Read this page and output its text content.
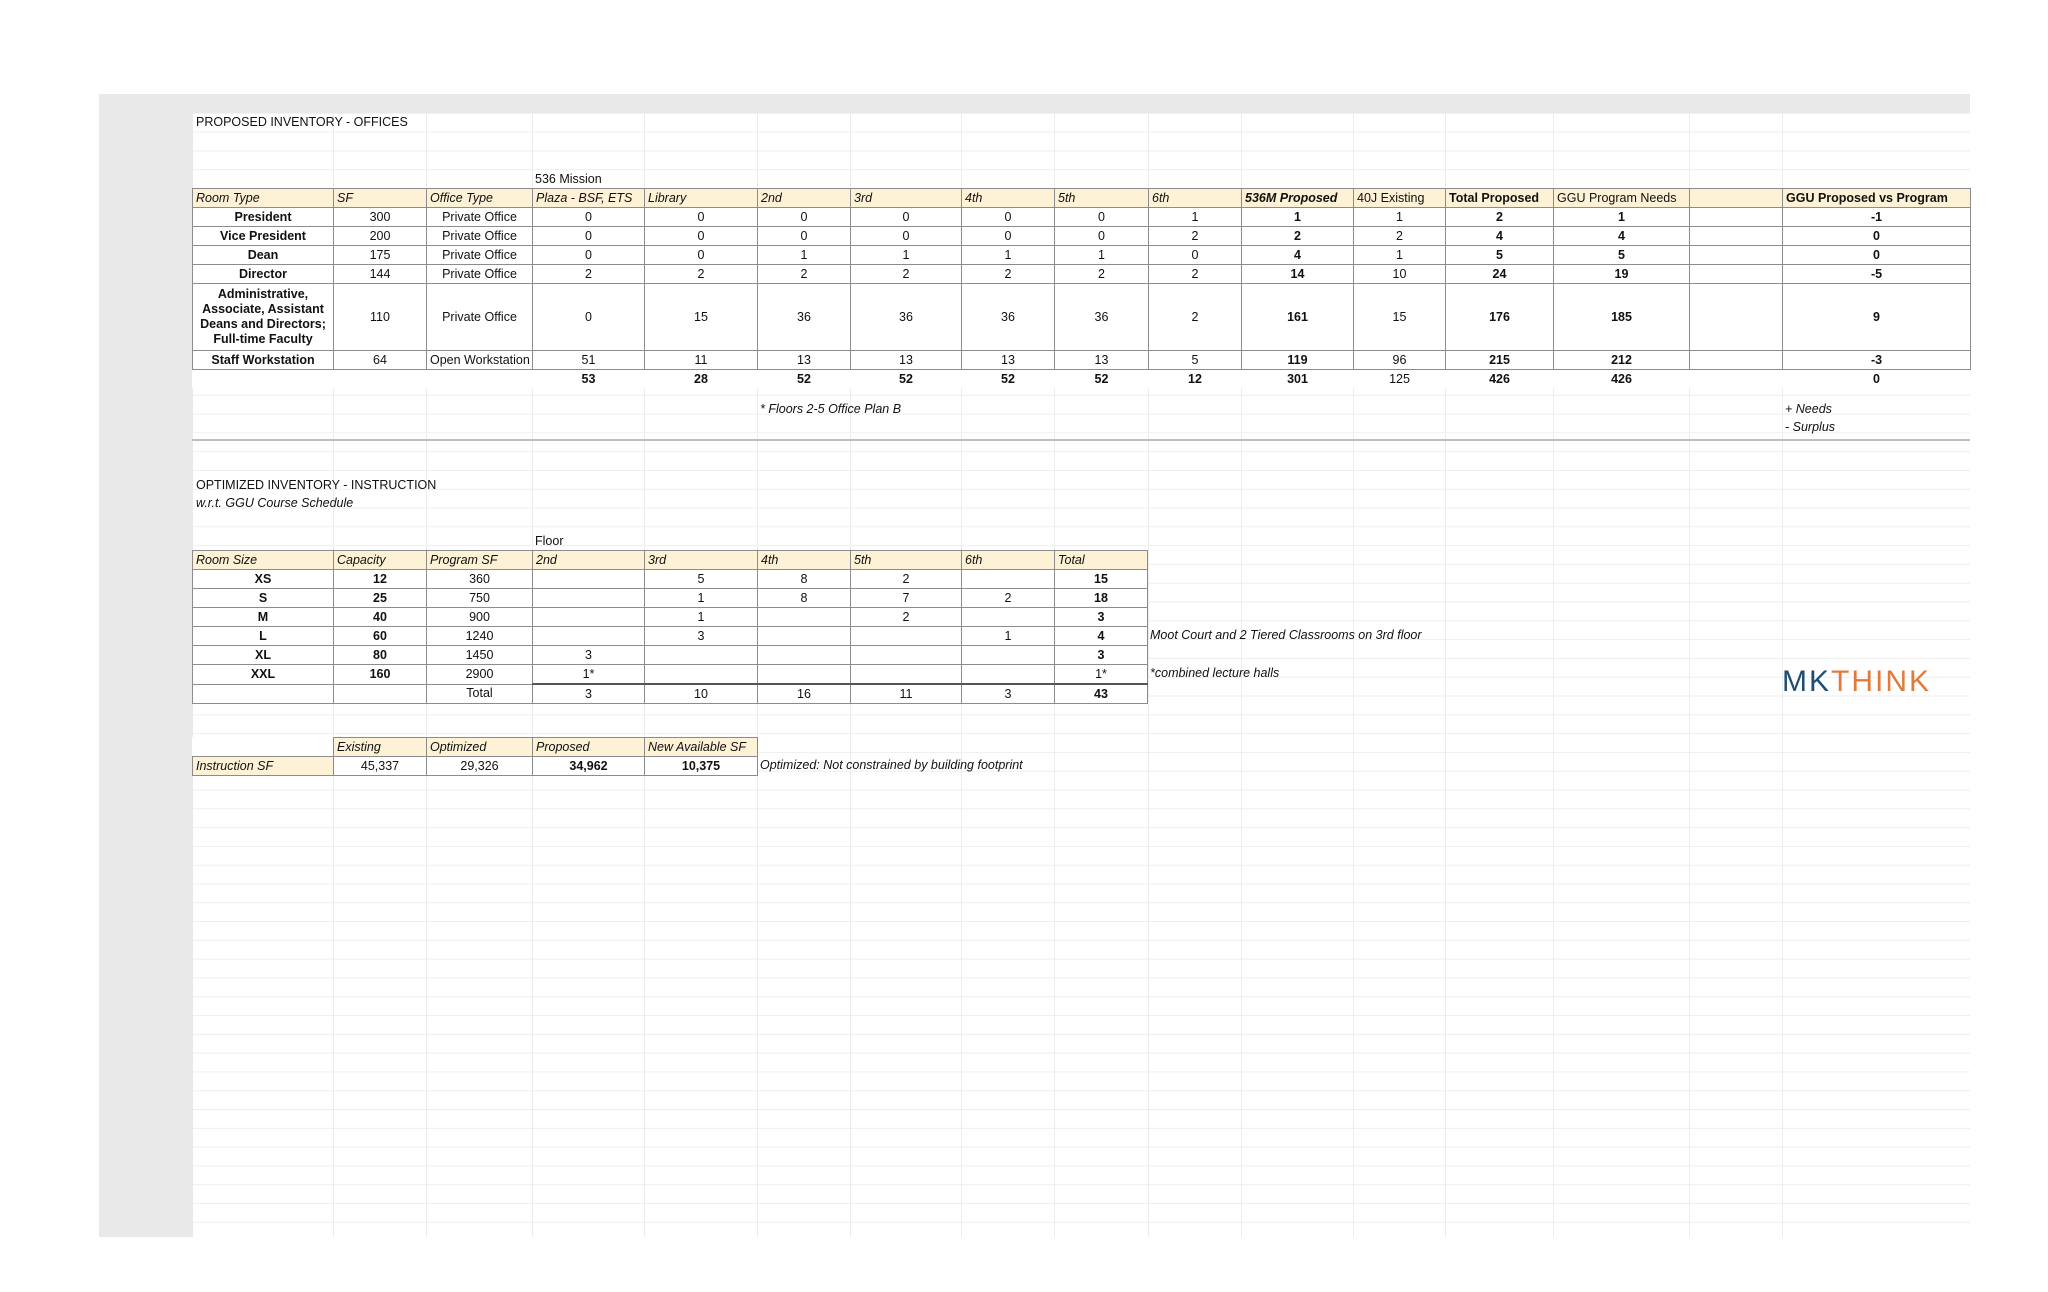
PROPOSED INVENTORY - OFFICES
536 Mission
Room Type	SF	Office Type	Plaza - BSF, ETS	Library	2nd	3rd	4th	5th	6th	536M Proposed	40J Existing	Total Proposed	GGU Program Needs		GGU Proposed vs Program
President	300	Private Office	0	0	0	0	0	0	1	1	1	2	1		-1
Vice President	200	Private Office	0	0	0	0	0	0	2	2	2	4	4		0
Dean	175	Private Office	0	0	1	1	1	1	0	4	1	5	5		0
Director	144	Private Office	2	2	2	2	2	2	2	14	10	24	19		-5
Administrative, Associate, Assistant Deans and Directors; Full-time Faculty	110	Private Office	0	15	36	36	36	36	2	161	15	176	185		9
Staff Workstation	64	Open Workstation	51	11	13	13	13	13	5	119	96	215	212		-3
			53	28	52	52	52	52	12	301	125	426	426		0
* Floors 2-5 Office Plan B	+ Needs
- Surplus
OPTIMIZED INVENTORY - INSTRUCTION
w.r.t. GGU Course Schedule
Floor
Room Size	Capacity	Program SF	2nd	3rd	4th	5th	6th	Total
XS	12	360		5	8	2		15
S	25	750		1	8	7	2	18
M	40	900		1		2		3
L	60	1240		3			1	4
XL	80	1450	3					3
XXL	160	2900	1*					1*
		Total	3	10	16	11	3	43
Moot Court and 2 Tiered Classrooms on 3rd floor
*combined lecture halls
	Existing	Optimized	Proposed	New Available SF
Instruction SF	45,337	29,326	34,962	10,375	Optimized: Not constrained by building footprint
MKTHINK
